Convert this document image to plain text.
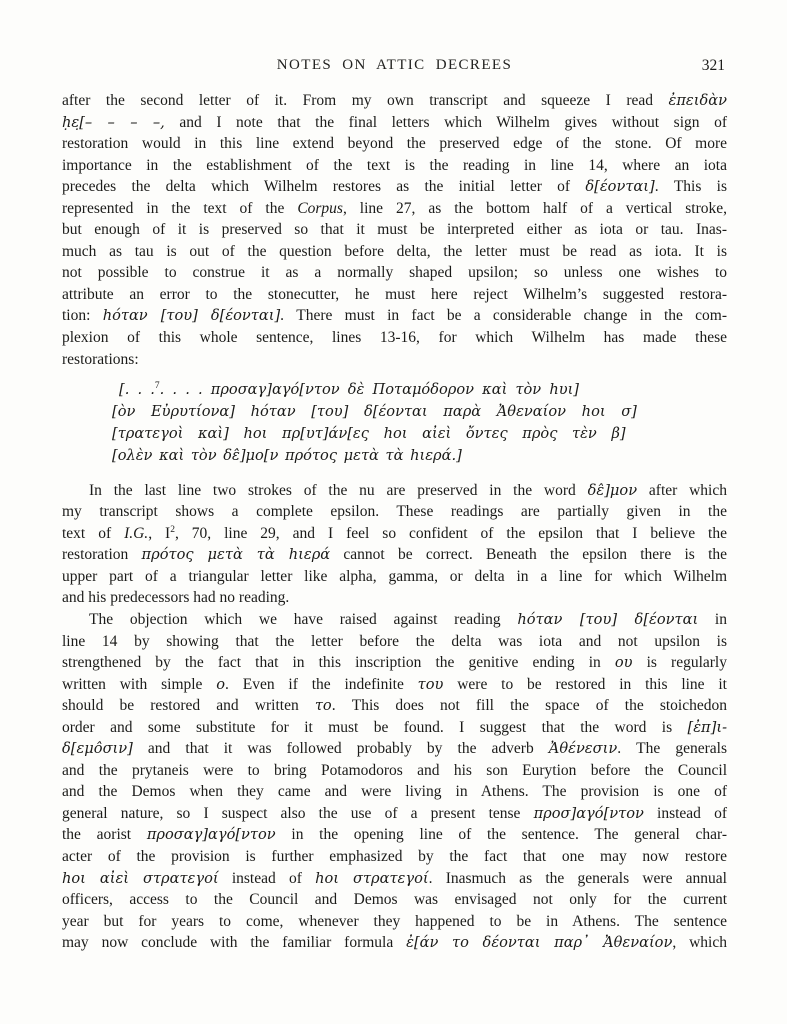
NOTES ON ATTIC DECREES	321
after the second letter of it. From my own transcript and squeeze I read ἐπειδὰν
ḥε̣[– – – –, and I note that the final letters which Wilhelm gives without sign of
restoration would in this line extend beyond the preserved edge of the stone. Of more
importance in the establishment of the text is the reading in line 14, where an iota
precedes the delta which Wilhelm restores as the initial letter of δ[έονται]. This is
represented in the text of the Corpus, line 27, as the bottom half of a vertical stroke,
but enough of it is preserved so that it must be interpreted either as iota or tau. Inas-
much as tau is out of the question before delta, the letter must be read as iota. It is
not possible to construe it as a normally shaped upsilon; so unless one wishes to
attribute an error to the stonecutter, he must here reject Wilhelm’s suggested restora-
tion: hόταν [του] δ[έονται]. There must in fact be a considerable change in the com-
plexion of this whole sentence, lines 13-16, for which Wilhelm has made these
restorations:
[. . .$^7$. . . . προσαγ]αγό[ντον δὲ Ποταμόδορον καὶ τὸν hυι]
[ὸν Εὐρυτίονα] hόταν [του] δ[έονται παρὰ Ἀθεναίον hοι σ]
[τρατεγοὶ καὶ] hοι πρ[υτ]άν[ες hοι αἰεὶ ὄντες πρὸς τὲν β]
[ολὲν καὶ τὸν δε̂]μο[ν πρότος μετὰ τὰ hιερά.]
In the last line two strokes of the nu are preserved in the word δε̂]μον after which
my transcript shows a complete epsilon. These readings are partially given in the
text of I.G., $I^2$, 70, line 29, and I feel so confident of the epsilon that I believe the
restoration πρότος μετὰ τὰ hιερά cannot be correct. Beneath the epsilon there is the
upper part of a triangular letter like alpha, gamma, or delta in a line for which Wilhelm
and his predecessors had no reading.
The objection which we have raised against reading hόταν [του] δ[έονται in
line 14 by showing that the letter before the delta was iota and not upsilon is
strengthened by the fact that in this inscription the genitive ending in ου is regularly
written with simple ο. Even if the indefinite του were to be restored in this line it
should be restored and written το. This does not fill the space of the stoichedon
order and some substitute for it must be found. I suggest that the word is [ἐπ]ι-
δ[εμο̂σιν] and that it was followed probably by the adverb Ἀθένεσιν. The generals
and the prytaneis were to bring Potamodoros and his son Eurytion before the Council
and the Demos when they came and were living in Athens. The provision is one of
general nature, so I suspect also the use of a present tense προσ]αγό[ντον instead of
the aorist προσαγ]αγό[ντον in the opening line of the sentence. The general char-
acter of the provision is further emphasized by the fact that one may now restore
hοι αἰεὶ στρατεγοί instead of hοι στρατεγοί. Inasmuch as the generals were annual
officers, access to the Council and Demos was envisaged not only for the current
year but for years to come, whenever they happened to be in Athens. The sentence
may now conclude with the familiar formula ἐ[άν το δέονται παρ᾽ Ἀθεναίον, which
